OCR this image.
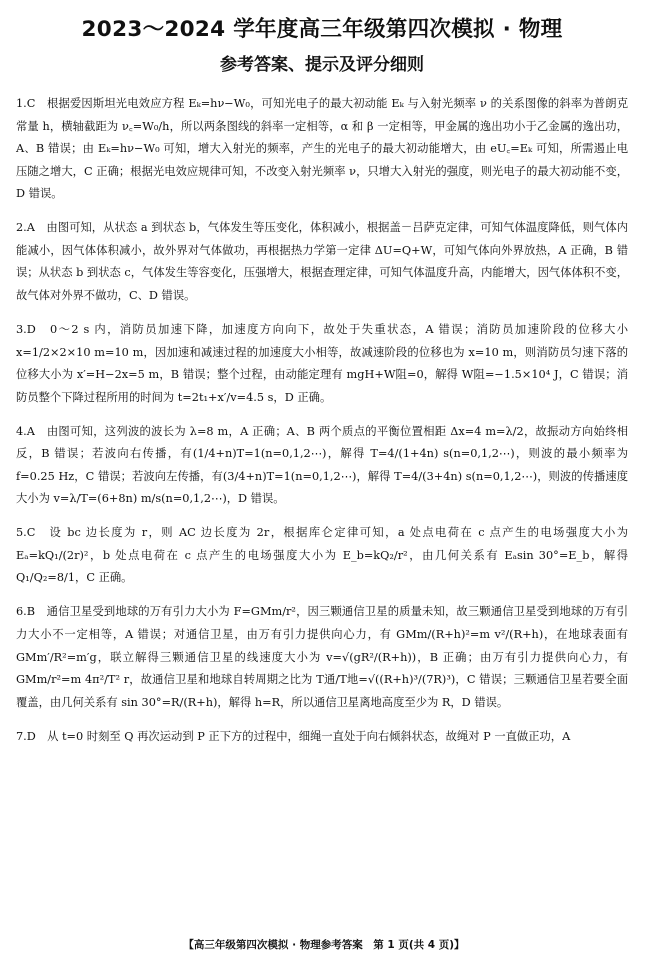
2023～2024 学年度高三年级第四次模拟 · 物理
参考答案、提示及评分细则

1.C　根据爱因斯坦光电效应方程 Eₖ=hν−W₀，可知光电子的最大初动能 Eₖ 与入射光频率 ν 的关系图像的斜率为普朗克常量 h，横轴截距为 ν꜀=W₀/h，所以两条图线的斜率一定相等，α 和 β 一定相等，甲金属的逸出功小于乙金属的逸出功，A、B 错误；由 Eₖ=hν−W₀ 可知，增大入射光的频率，产生的光电子的最大初动能增大，由 eU꜀=Eₖ 可知，所需遏止电压随之增大，C 正确；根据光电效应规律可知，不改变入射光频率 ν，只增大入射光的强度，则光电子的最大初动能不变，D 错误。

2.A　由图可知，从状态 a 到状态 b，气体发生等压变化，体积减小，根据盖－吕萨克定律，可知气体温度降低，则气体内能减小，因气体体积减小，故外界对气体做功，再根据热力学第一定律 ΔU=Q+W，可知气体向外界放热，A 正确，B 错误；从状态 b 到状态 c，气体发生等容变化，压强增大，根据查理定律，可知气体温度升高，内能增大，因气体体积不变，故气体对外界不做功，C、D 错误。

3.D　0～2 s 内，消防员加速下降，加速度方向向下，故处于失重状态，A 错误；消防员加速阶段的位移大小 x=1/2×2×10 m=10 m，因加速和减速过程的加速度大小相等，故减速阶段的位移也为 x=10 m，则消防员匀速下落的位移大小为 x′=H−2x=5 m，B 错误；整个过程，由动能定理有 mgH+W阻=0，解得 W阻=−1.5×10⁴ J，C 错误；消防员整个下降过程所用的时间为 t=2t₁+x′/v=4.5 s，D 正确。

4.A　由图可知，这列波的波长为 λ=8 m，A 正确；A、B 两个质点的平衡位置相距 Δx=4 m=λ/2，故振动方向始终相反，B 错误；若波向右传播，有(1/4+n)T=1(n=0,1,2⋯)，解得 T=4/(1+4n) s(n=0,1,2⋯)，则波的最小频率为 f=0.25 Hz，C 错误；若波向左传播，有(3/4+n)T=1(n=0,1,2⋯)，解得 T=4/(3+4n) s(n=0,1,2⋯)，则波的传播速度大小为 v=λ/T=(6+8n) m/s(n=0,1,2⋯)，D 错误。

5.C　设 bc 边长度为 r，则 AC 边长度为 2r，根据库仑定律可知，a 处点电荷在 c 点产生的电场强度大小为 Eₐ=kQ₁/(2r)²，b 处点电荷在 c 点产生的电场强度大小为 E_b=kQ₂/r²，由几何关系有 Eₐsin 30°=E_b，解得 Q₁/Q₂=8/1，C 正确。

6.B　通信卫星受到地球的万有引力大小为 F=GMm/r²，因三颗通信卫星的质量未知，故三颗通信卫星受到地球的万有引力大小不一定相等，A 错误；对通信卫星，由万有引力提供向心力，有 GMm/(R+h)²=m v²/(R+h)，在地球表面有 GMm′/R²=m′g，联立解得三颗通信卫星的线速度大小为 v=√(gR²/(R+h))，B 正确；由万有引力提供向心力，有 GMm/r²=m 4π²/T² r，故通信卫星和地球自转周期之比为 T通/T地=√((R+h)³/(7R)³)，C 错误；三颗通信卫星若要全面覆盖，由几何关系有 sin 30°=R/(R+h)，解得 h=R，所以通信卫星离地高度至少为 R，D 错误。

7.D　从 t=0 时刻至 Q 再次运动到 P 正下方的过程中，细绳一直处于向右倾斜状态，故绳对 P 一直做正功，A

【高三年级第四次模拟 · 物理参考答案　第 1 页(共 4 页)】
